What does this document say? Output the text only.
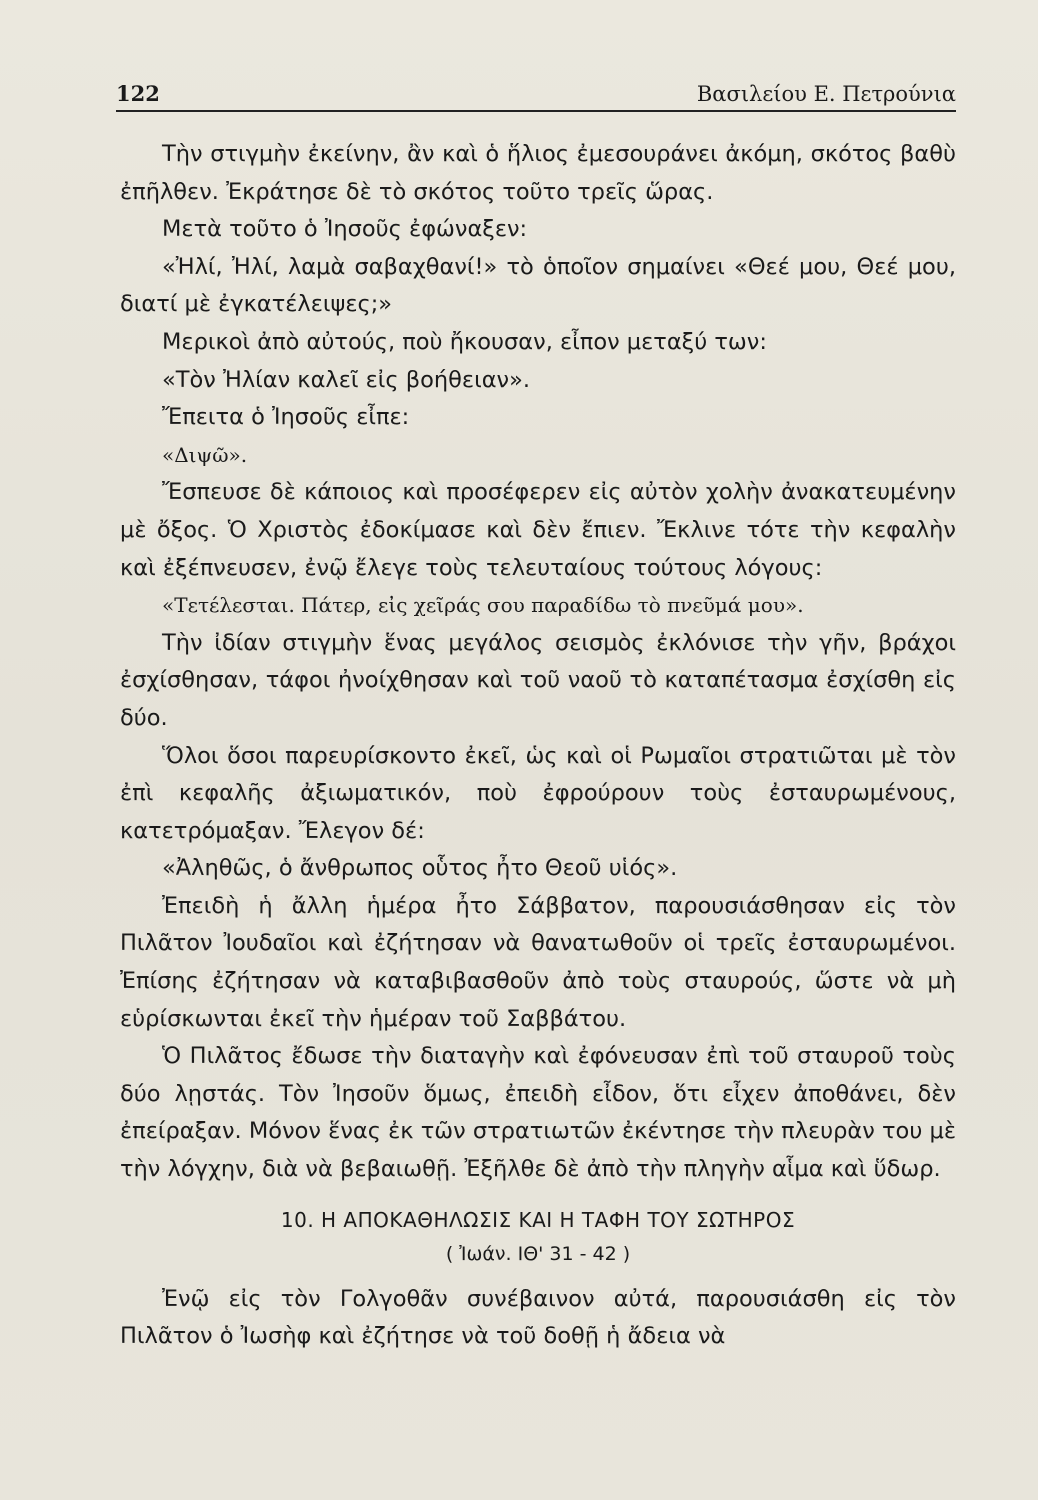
122	Βασιλείου Ε. Πετρούνια

Τὴν στιγμὴν ἐκείνην, ἂν καὶ ὁ ἥλιος ἐμεσουράνει ἀκόμη, σκότος βαθὺ ἐπῆλθεν. Ἐκράτησε δὲ τὸ σκότος τοῦτο τρεῖς ὥρας.

Μετὰ τοῦτο ὁ Ἰησοῦς ἐφώναξεν:

«Ἠλί, Ἠλί, λαμὰ σαβαχθανί!» τὸ ὁποῖον σημαίνει «Θεέ μου, Θεέ μου, διατί μὲ ἐγκατέλειψες;»

Μερικοὶ ἀπὸ αὐτούς, ποὺ ἤκουσαν, εἶπον μεταξύ των:

«Τὸν Ἠλίαν καλεῖ εἰς βοήθειαν».

Ἔπειτα ὁ Ἰησοῦς εἶπε:

«Διψῶ».

Ἔσπευσε δὲ κάποιος καὶ προσέφερεν εἰς αὐτὸν χολὴν ἀνακατευμένην μὲ ὄξος. Ὁ Χριστὸς ἐδοκίμασε καὶ δὲν ἔπιεν. Ἔκλινε τότε τὴν κεφαλὴν καὶ ἐξέπνευσεν, ἐνῷ ἔλεγε τοὺς τελευταίους τούτους λόγους:

«Τετέλεσται. Πάτερ, εἰς χεῖράς σου παραδίδω τὸ πνεῦμά μου».

Τὴν ἰδίαν στιγμὴν ἕνας μεγάλος σεισμὸς ἐκλόνισε τὴν γῆν, βράχοι ἐσχίσθησαν, τάφοι ἠνοίχθησαν καὶ τοῦ ναοῦ τὸ καταπέτασμα ἐσχίσθη εἰς δύο.

Ὅλοι ὅσοι παρευρίσκοντο ἐκεῖ, ὡς καὶ οἱ Ρωμαῖοι στρατιῶται μὲ τὸν ἐπὶ κεφαλῆς ἀξιωματικόν, ποὺ ἐφρούρουν τοὺς ἐσταυρωμένους, κατετρόμαξαν. Ἔλεγον δέ:

«Ἀληθῶς, ὁ ἄνθρωπος οὗτος ἦτο Θεοῦ υἱός».

Ἐπειδὴ ἡ ἄλλη ἡμέρα ἦτο Σάββατον, παρουσιάσθησαν εἰς τὸν Πιλᾶτον Ἰουδαῖοι καὶ ἐζήτησαν νὰ θανατωθοῦν οἱ τρεῖς ἐσταυρωμένοι. Ἐπίσης ἐζήτησαν νὰ καταβιβασθοῦν ἀπὸ τοὺς σταυρούς, ὥστε νὰ μὴ εὑρίσκωνται ἐκεῖ τὴν ἡμέραν τοῦ Σαββάτου.

Ὁ Πιλᾶτος ἔδωσε τὴν διαταγὴν καὶ ἐφόνευσαν ἐπὶ τοῦ σταυροῦ τοὺς δύο λῃστάς. Τὸν Ἰησοῦν ὅμως, ἐπειδὴ εἶδον, ὅτι εἶχεν ἀποθάνει, δὲν ἐπείραξαν. Μόνον ἕνας ἐκ τῶν στρατιωτῶν ἐκέντησε τὴν πλευρὰν του μὲ τὴν λόγχην, διὰ νὰ βεβαιωθῇ. Ἐξῆλθε δὲ ἀπὸ τὴν πληγὴν αἷμα καὶ ὕδωρ.

10. Η ΑΠΟΚΑΘΗΛΩΣΙΣ ΚΑΙ Η ΤΑΦΗ ΤΟΥ ΣΩΤΗΡΟΣ

( Ἰωάν. ΙΘ' 31 - 42 )

Ἐνῷ εἰς τὸν Γολγοθᾶν συνέβαινον αὐτά, παρουσιάσθη εἰς τὸν Πιλᾶτον ὁ Ἰωσὴφ καὶ ἐζήτησε νὰ τοῦ δοθῇ ἡ ἄδεια νὰ
